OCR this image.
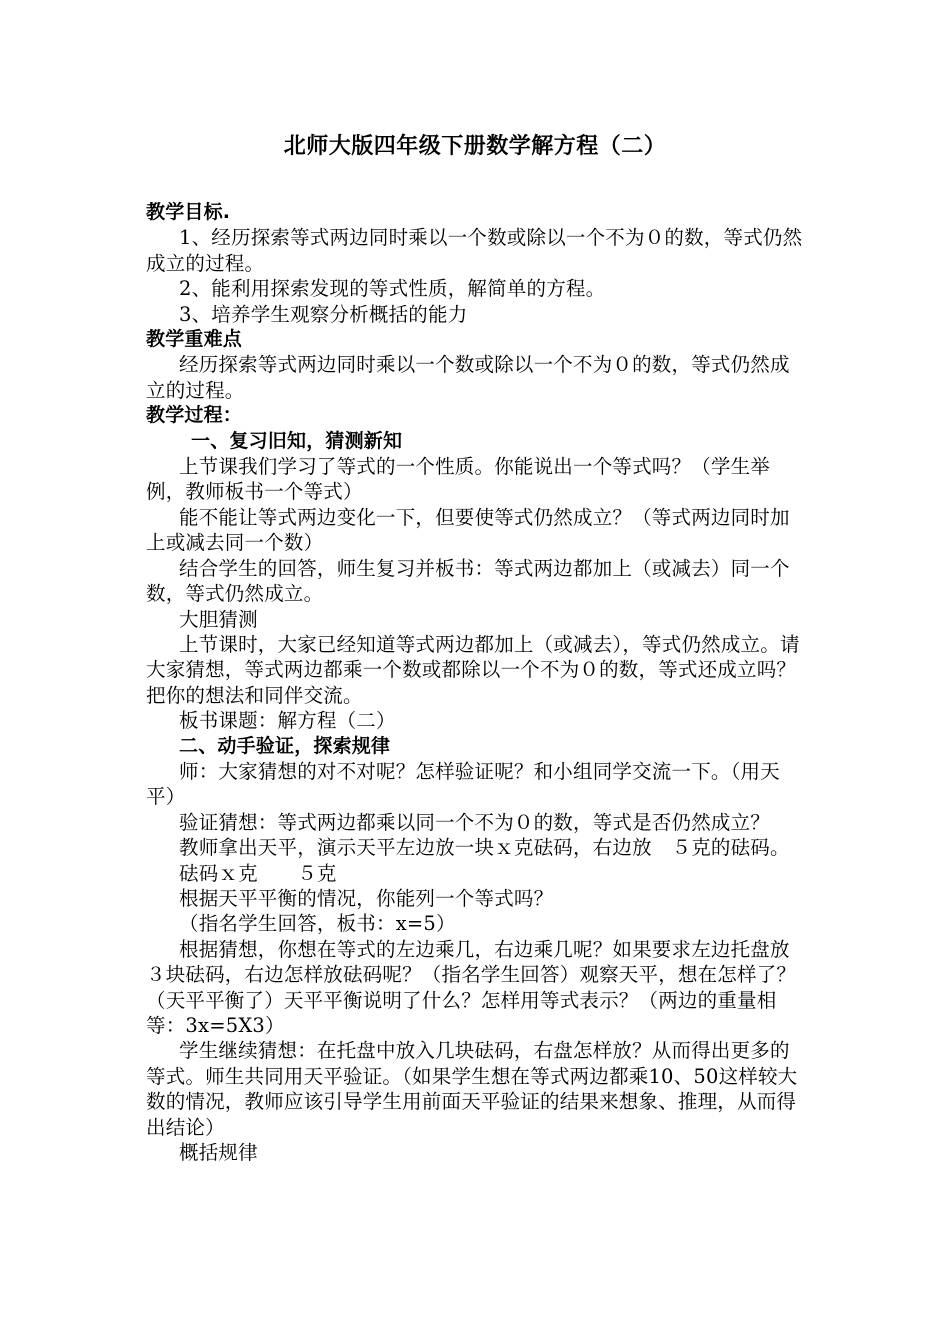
北师大版四年级下册数学解方程（二）
教学目标.

1、经历探索等式两边同时乘以一个数或除以一个不为０的数，等式仍然成立的过程。

2、能利用探索发现的等式性质，解简单的方程。

3、培养学生观察分析概括的能力

教学重难点

经历探索等式两边同时乘以一个数或除以一个不为０的数，等式仍然成立的过程。

教学过程：
一、复习旧知，猜测新知

上节课我们学习了等式的一个性质。你能说出一个等式吗？（学生举例，教师板书一个等式）

能不能让等式两边变化一下，但要使等式仍然成立？（等式两边同时加上或减去同一个数）

结合学生的回答，师生复习并板书：等式两边都加上（或减去）同一个数，等式仍然成立。

大胆猜测

上节课时，大家已经知道等式两边都加上（或减去），等式仍然成立。请大家猜想，等式两边都乘一个数或都除以一个不为０的数，等式还成立吗？把你的想法和同伴交流。

板书课题：解方程（二）

二、动手验证，探索规律

师：大家猜想的对不对呢？怎样验证呢？和小组同学交流一下。（用天平）

验证猜想：等式两边都乘以同一个不为０的数，等式是否仍然成立？

教师拿出天平，演示天平左边放一块ｘ克砝码，右边放　５克的砝码。

砝码ｘ克　　５克

根据天平平衡的情况，你能列一个等式吗？

（指名学生回答，板书：x=5）

根据猜想，你想在等式的左边乘几，右边乘几呢？如果要求左边托盘放３块砝码，右边怎样放砝码呢？（指名学生回答）观察天平，想在怎样了？（天平平衡了）天平平衡说明了什么？怎样用等式表示？（两边的重量相等：3x=5X3）

学生继续猜想：在托盘中放入几块砝码，右盘怎样放？从而得出更多的等式。师生共同用天平验证。（如果学生想在等式两边都乘10、50这样较大数的情况，教师应该引导学生用前面天平验证的结果来想象、推理，从而得出结论）

概括规律
